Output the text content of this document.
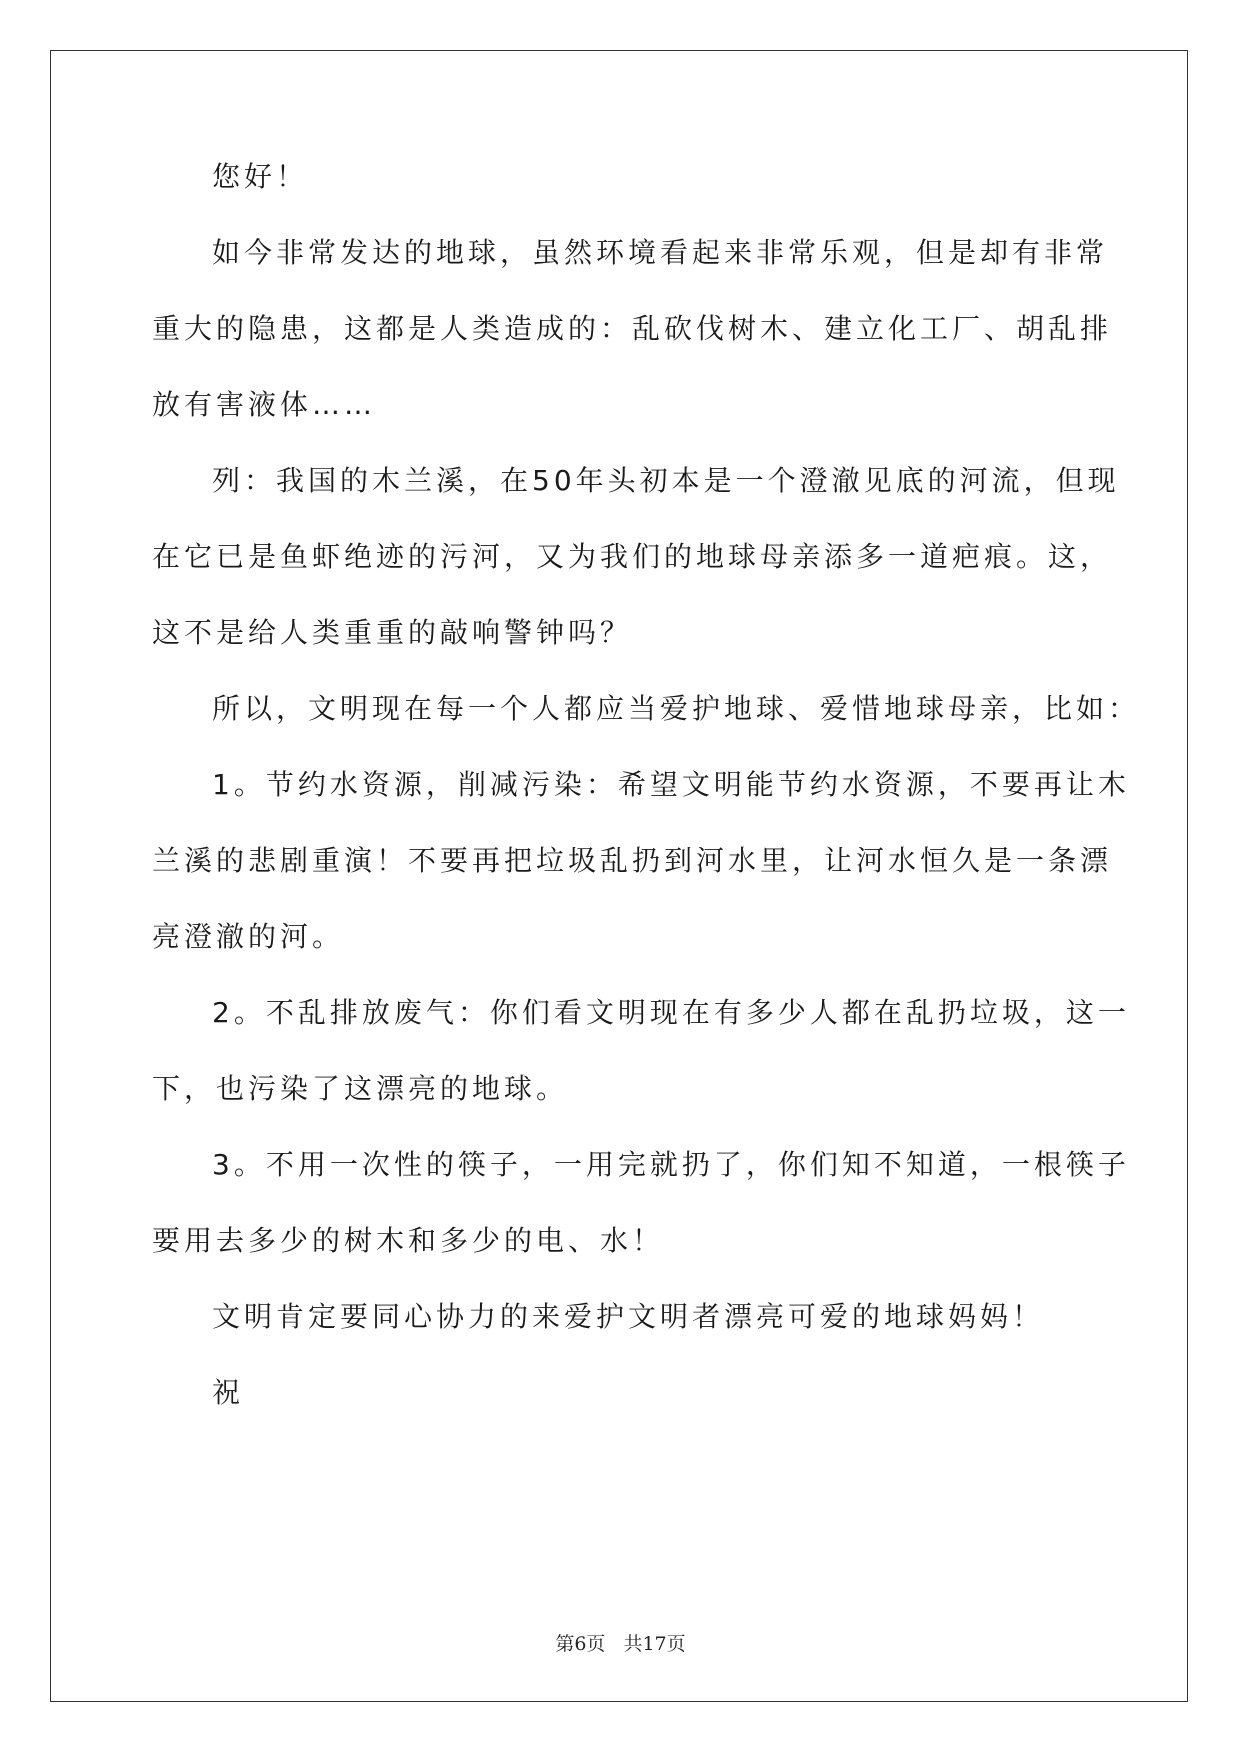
您好！
如今非常发达的地球，虽然环境看起来非常乐观，但是却有非常
重大的隐患，这都是人类造成的：乱砍伐树木、建立化工厂、胡乱排
放有害液体……
列：我国的木兰溪，在50年头初本是一个澄澈见底的河流，但现
在它已是鱼虾绝迹的污河，又为我们的地球母亲添多一道疤痕。这，
这不是给人类重重的敲响警钟吗？
所以，文明现在每一个人都应当爱护地球、爱惜地球母亲，比如：
1。节约水资源，削减污染：希望文明能节约水资源，不要再让木
兰溪的悲剧重演！不要再把垃圾乱扔到河水里，让河水恒久是一条漂
亮澄澈的河。
2。不乱排放废气：你们看文明现在有多少人都在乱扔垃圾，这一
下，也污染了这漂亮的地球。
3。不用一次性的筷子，一用完就扔了，你们知不知道，一根筷子
要用去多少的树木和多少的电、水！
文明肯定要同心协力的来爱护文明者漂亮可爱的地球妈妈！
祝
第6页 共17页
